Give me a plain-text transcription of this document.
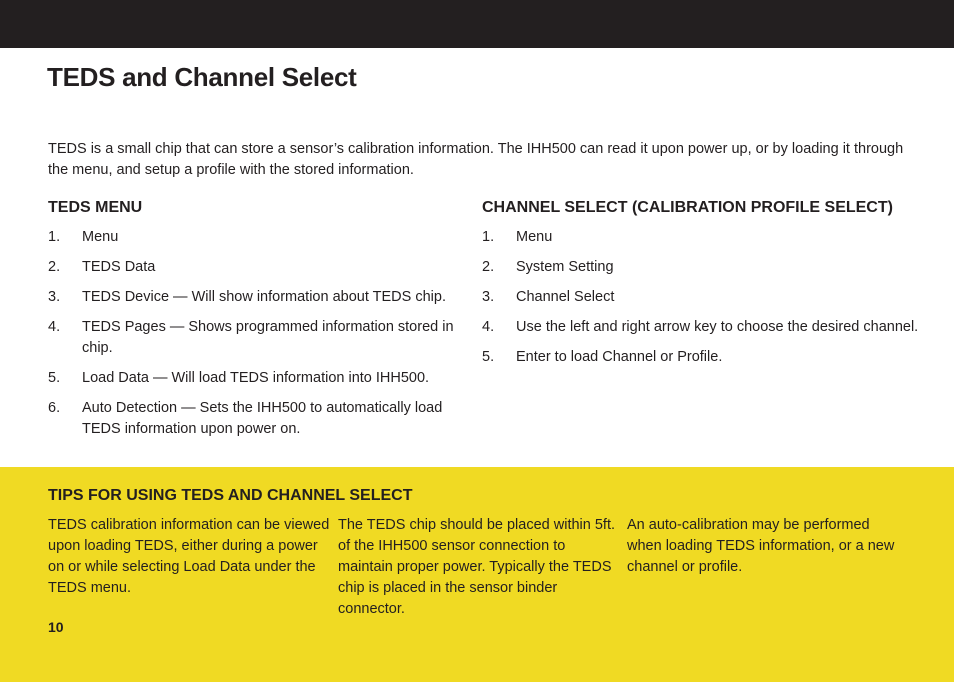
TEDS and Channel Select

TEDS is a small chip that can store a sensor’s calibration information. The IHH500 can read it upon power up, or by loading it through the menu, and setup a profile with the stored information.

TEDS MENU
1. Menu
2. TEDS Data
3. TEDS Device — Will show information about TEDS chip.
4. TEDS Pages — Shows programmed information stored in chip.
5. Load Data — Will load TEDS information into IHH500.
6. Auto Detection — Sets the IHH500 to automatically load TEDS information upon power on.
CHANNEL SELECT (CALIBRATION PROFILE SELECT)
1. Menu
2. System Setting
3. Channel Select
4. Use the left and right arrow key to choose the desired channel.
5. Enter to load Channel or Profile.
TIPS FOR USING TEDS AND CHANNEL SELECT

TEDS calibration information can be viewed upon loading TEDS, either during a power on or while selecting Load Data under the TEDS menu.

The TEDS chip should be placed within 5ft. of the IHH500 sensor connection to maintain proper power. Typically the TEDS chip is placed in the sensor binder connector.

An auto-calibration may be performed when loading TEDS information, or a new channel or profile.

10
